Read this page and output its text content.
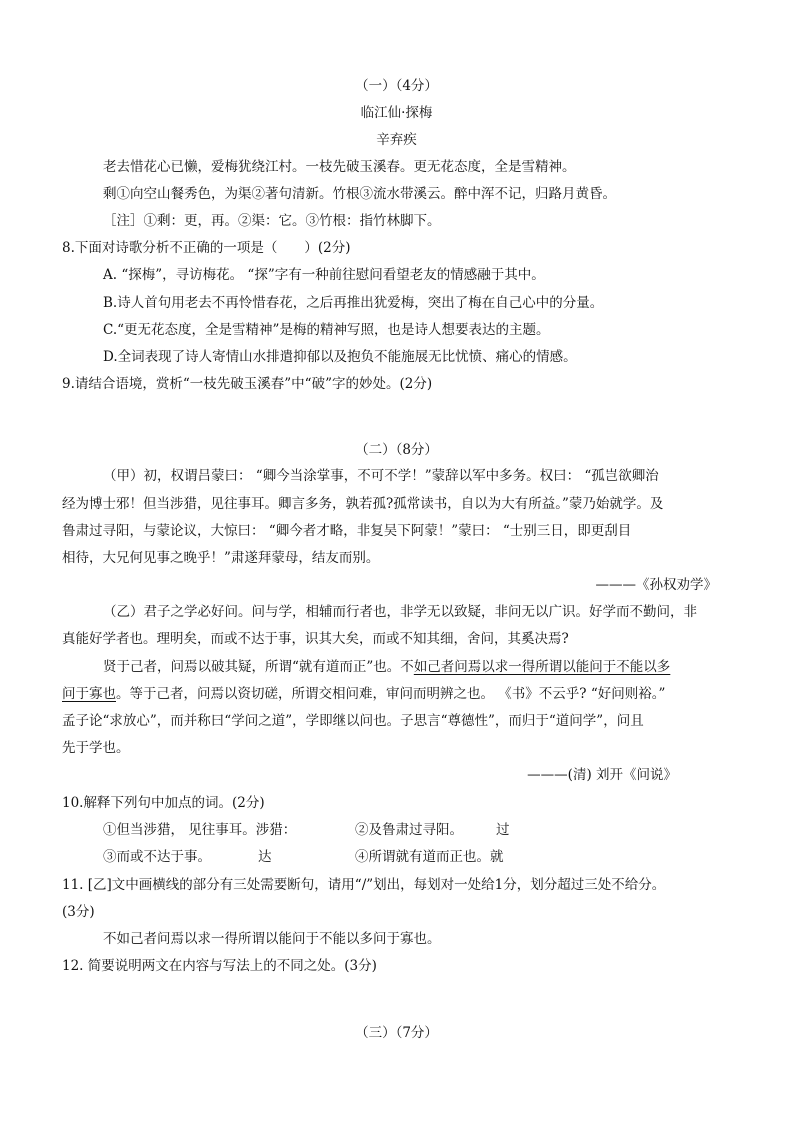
（一）（4分）
临江仙·探梅
辛弃疾
老去惜花心已懒，爱梅犹绕江村。一枝先破玉溪春。更无花态度，全是雪精神。
剩①向空山餐秀色，为渠②著句清新。竹根③流水带溪云。醉中浑不记，归路月黄昏。
［注］①剩：更，再。②渠：它。③竹根：指竹林脚下。
8.下面对诗歌分析不正确的一项是（　　）(2分)
A. “探梅”，寻访梅花。 “探”字有一种前往慰问看望老友的情感融于其中。
B.诗人首句用老去不再怜惜春花，之后再推出犹爱梅，突出了梅在自己心中的分量。
C.“更无花态度，全是雪精神”是梅的精神写照，也是诗人想要表达的主题。
D.全词表现了诗人寄情山水排遣抑郁以及抱负不能施展无比忧愤、痛心的情感。
9.请结合语境，赏析“一枝先破玉溪春”中“破”字的妙处。(2分)
（二）（8分）
（甲）初，权谓吕蒙曰： “卿今当涂掌事，不可不学！”蒙辞以军中多务。权曰： “孤岂欲卿治
经为博士邪！但当涉猎，见往事耳。卿言多务，孰若孤?孤常读书，自以为大有所益。”蒙乃始就学。及
鲁肃过寻阳，与蒙论议，大惊曰： “卿今者才略，非复吴下阿蒙！”蒙曰： “士别三日，即更刮目
相待，大兄何见事之晚乎！”肃遂拜蒙母，结友而别。
———《孙权劝学》
（乙）君子之学必好问。问与学，相辅而行者也，非学无以致疑，非问无以广识。好学而不勤问，非
真能好学者也。理明矣，而或不达于事，识其大矣，而或不知其细，舍问，其奚决焉?
贤于己者，问焉以破其疑，所谓“就有道而正”也。不如己者问焉以求一得所谓以能问于不能以多
问于寡也。等于己者，问焉以资切磋，所谓交相问难，审问而明辨之也。 《书》不云乎? “好问则裕。”
孟子论“求放心”，而并称曰“学问之道”，学即继以问也。子思言“尊德性”，而归于“道问学”，问且
先于学也。
———(清) 刘开《问说》
10.解释下列句中加点的词。(2分)
①但当涉猎， 见往事耳。涉猎：	②及鲁肃过寻阳。 过
③而或不达于事。	达	④所谓就有道而正也。就
11. [乙]文中画横线的部分有三处需要断句，请用“/”划出，每划对一处给1分，划分超过三处不给分。
(3分)
不如己者问焉以求一得所谓以能问于不能以多问于寡也。
12. 简要说明两文在内容与写法上的不同之处。(3分)
（三）（7分）
